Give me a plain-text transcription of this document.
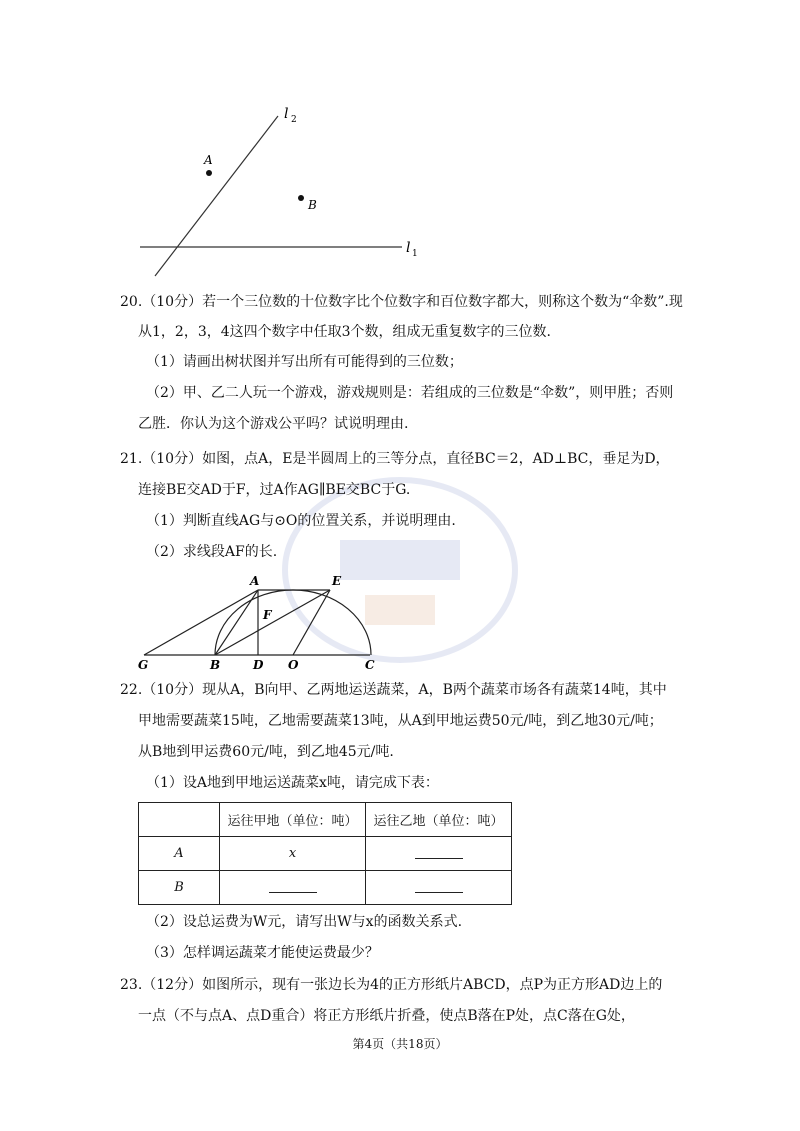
A
B
l 2
l 1
20.（10分）若一个三位数的十位数字比个位数字和百位数字都大，则称这个数为“伞数”.现
从1，2，3，4这四个数字中任取3个数，组成无重复数字的三位数.
（1）请画出树状图并写出所有可能得到的三位数；
（2）甲、乙二人玩一个游戏，游戏规则是：若组成的三位数是“伞数”，则甲胜；否则
乙胜．你认为这个游戏公平吗？试说明理由.
21.（10分）如图，点A，E是半圆周上的三等分点，直径BC＝2，AD⊥BC，垂足为D，
连接BE交AD于F，过A作AG∥BE交BC于G.
（1）判断直线AG与⊙O的位置关系，并说明理由.
（2）求线段AF的长.
A	E
F
G	B	D O	C
22.（10分）现从A，B向甲、乙两地运送蔬菜，A，B两个蔬菜市场各有蔬菜14吨，其中
甲地需要蔬菜15吨，乙地需要蔬菜13吨，从A到甲地运费50元/吨，到乙地30元/吨；
从B地到甲运费60元/吨，到乙地45元/吨.
（1）设A地到甲地运送蔬菜x吨，请完成下表：
	运往甲地（单位：吨）	运往乙地（单位：吨）
A	x	
B		
（2）设总运费为W元，请写出W与x的函数关系式.
（3）怎样调运蔬菜才能使运费最少？
23.（12分）如图所示，现有一张边长为4的正方形纸片ABCD，点P为正方形AD边上的
一点（不与点A、点D重合）将正方形纸片折叠，使点B落在P处，点C落在G处，
第4页（共18页）
